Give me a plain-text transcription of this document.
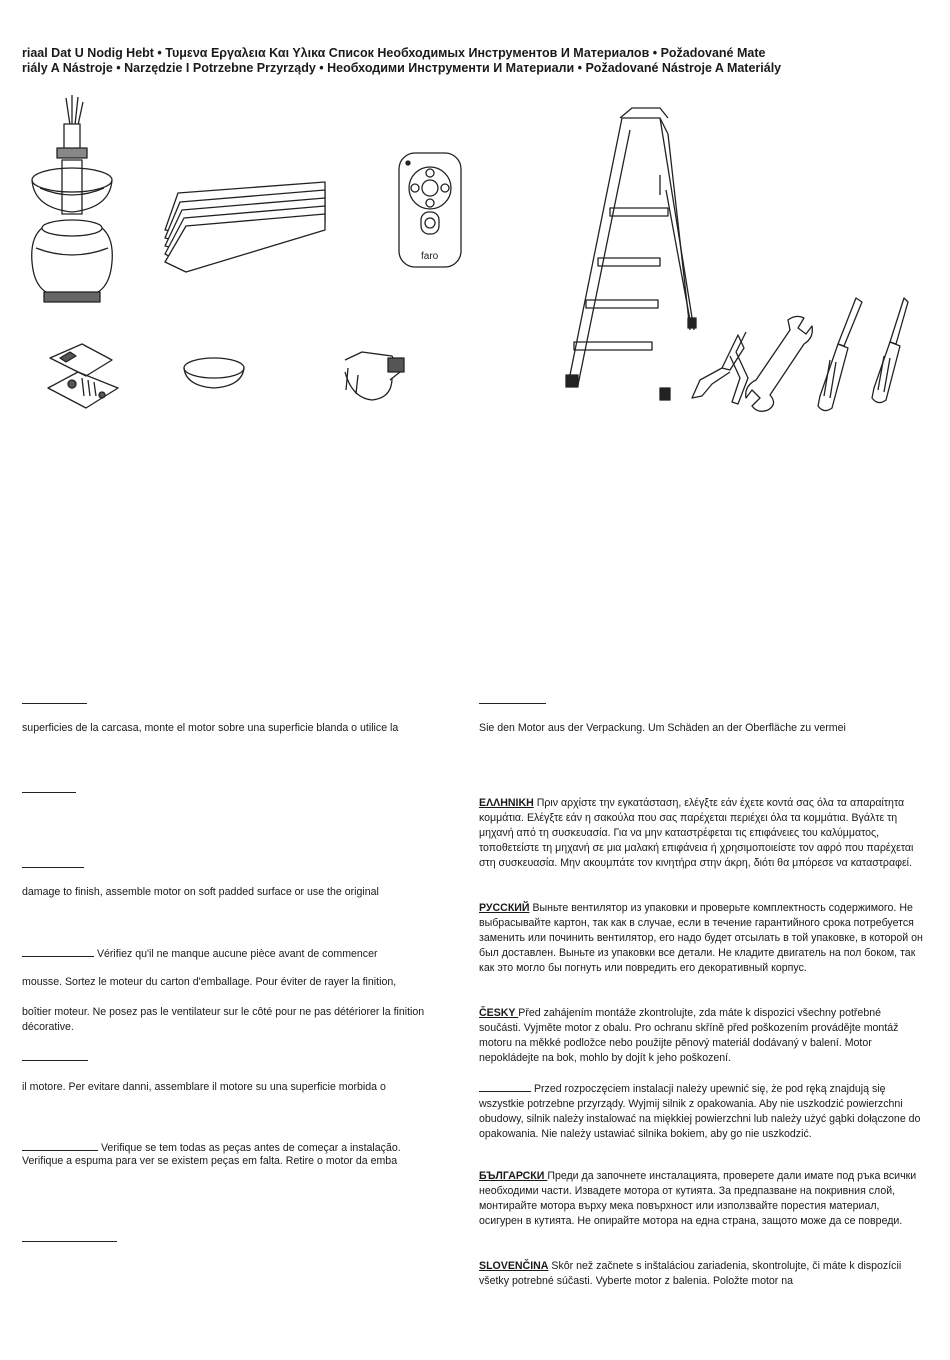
riaal Dat U Nodig Hebt • Τυμενα Εργαλεια Και Υλικα Список Необходимых Инструментов И Материалов • Požadované Mate
riály A Nástroje • Narzędzie I Potrzebne Przyrządy • Необходими Инструменти И Материали • Požadované Nástroje A Materiály
faro
superficies de la carcasa, monte el motor sobre una superficie blanda o utilice la
damage to finish, assemble motor on soft padded surface or use the original
Vérifiez qu'il ne manque aucune pièce avant de commencer
mousse. Sortez le moteur du carton d'emballage. Pour éviter de rayer la finition,
boîtier moteur. Ne posez pas le ventilateur sur le côté pour ne pas détériorer la finition décorative.
il motore. Per evitare danni, assemblare il motore su una superficie morbida o
Verifique se tem todas as peças antes de começar a instalação.
Verifique a espuma para ver se existem peças em falta. Retire o motor da emba
Sie den Motor aus der Verpackung. Um Schäden an der Oberfläche zu vermei
ΕΛΛΗΝΙΚΗ Πριν αρχίστε την εγκατάσταση, ελέγξτε εάν έχετε κοντά σας όλα τα απαραίτητα κομμάτια. Ελέγξτε εάν η σακούλα που σας παρέχεται περιέχει όλα τα κομμάτια. Βγάλτε τη μηχανή από τη συσκευασία. Για να μην καταστρέφεται τις επιφάνειες του καλύμματος, τοποθετείστε τη μηχανή σε μια μαλακή επιφάνεια ή χρησιμοποιείστε τον αφρό που παρέχεται στη συσκευασία. Μην ακουμπάτε τον κινητήρα στην άκρη, διότι θα μπόρεσε να καταστραφεί.
РУССКИЙ Выньте вентилятор из упаковки и проверьте комплектность содержимого. Не выбрасывайте картон, так как в случае, если в течение гарантийного срока потребуется заменить или починить вентилятор, его надо будет отсылать в той упаковке, в которой он был доставлен. Выньте из упаковки все детали. Не кладите двигатель на пол боком, так как это могло бы погнуть или повредить его декоративный корпус.
ČESKY Před zahájením montáže zkontrolujte, zda máte k dispozici všechny potřebné součásti. Vyjměte motor z obalu. Pro ochranu skříně před poškozením provádějte montáž motoru na měkké podložce nebo použijte pěnový materiál dodávaný v balení. Motor nepokládejte na bok, mohlo by dojít k jeho poškození.
Przed rozpoczęciem instalacji należy upewnić się, że pod ręką znajdują się wszystkie potrzebne przyrządy. Wyjmij silnik z opakowania. Aby nie uszkodzić powierzchni obudowy, silnik należy instalować na miękkiej powierzchni lub należy użyć gąbki dołączone do opakowania. Nie należy ustawiać silnika bokiem, aby go nie uszkodzić.
БЪЛГАРСКИ Преди да започнете инсталацията, проверете дали имате под ръка всички необходими части. Извадете мотора от кутията. За предпазване на покривния слой, монтирайте мотора върху мека повърхност или използвайте порестия материал, осигурен в кутията. Не опирайте мотора на една страна, защото може да се повреди.
SLOVENČINA Skôr než začnete s inštaláciou zariadenia, skontrolujte, či máte k dispozícii všetky potrebné súčasti. Vyberte motor z balenia. Položte motor na
